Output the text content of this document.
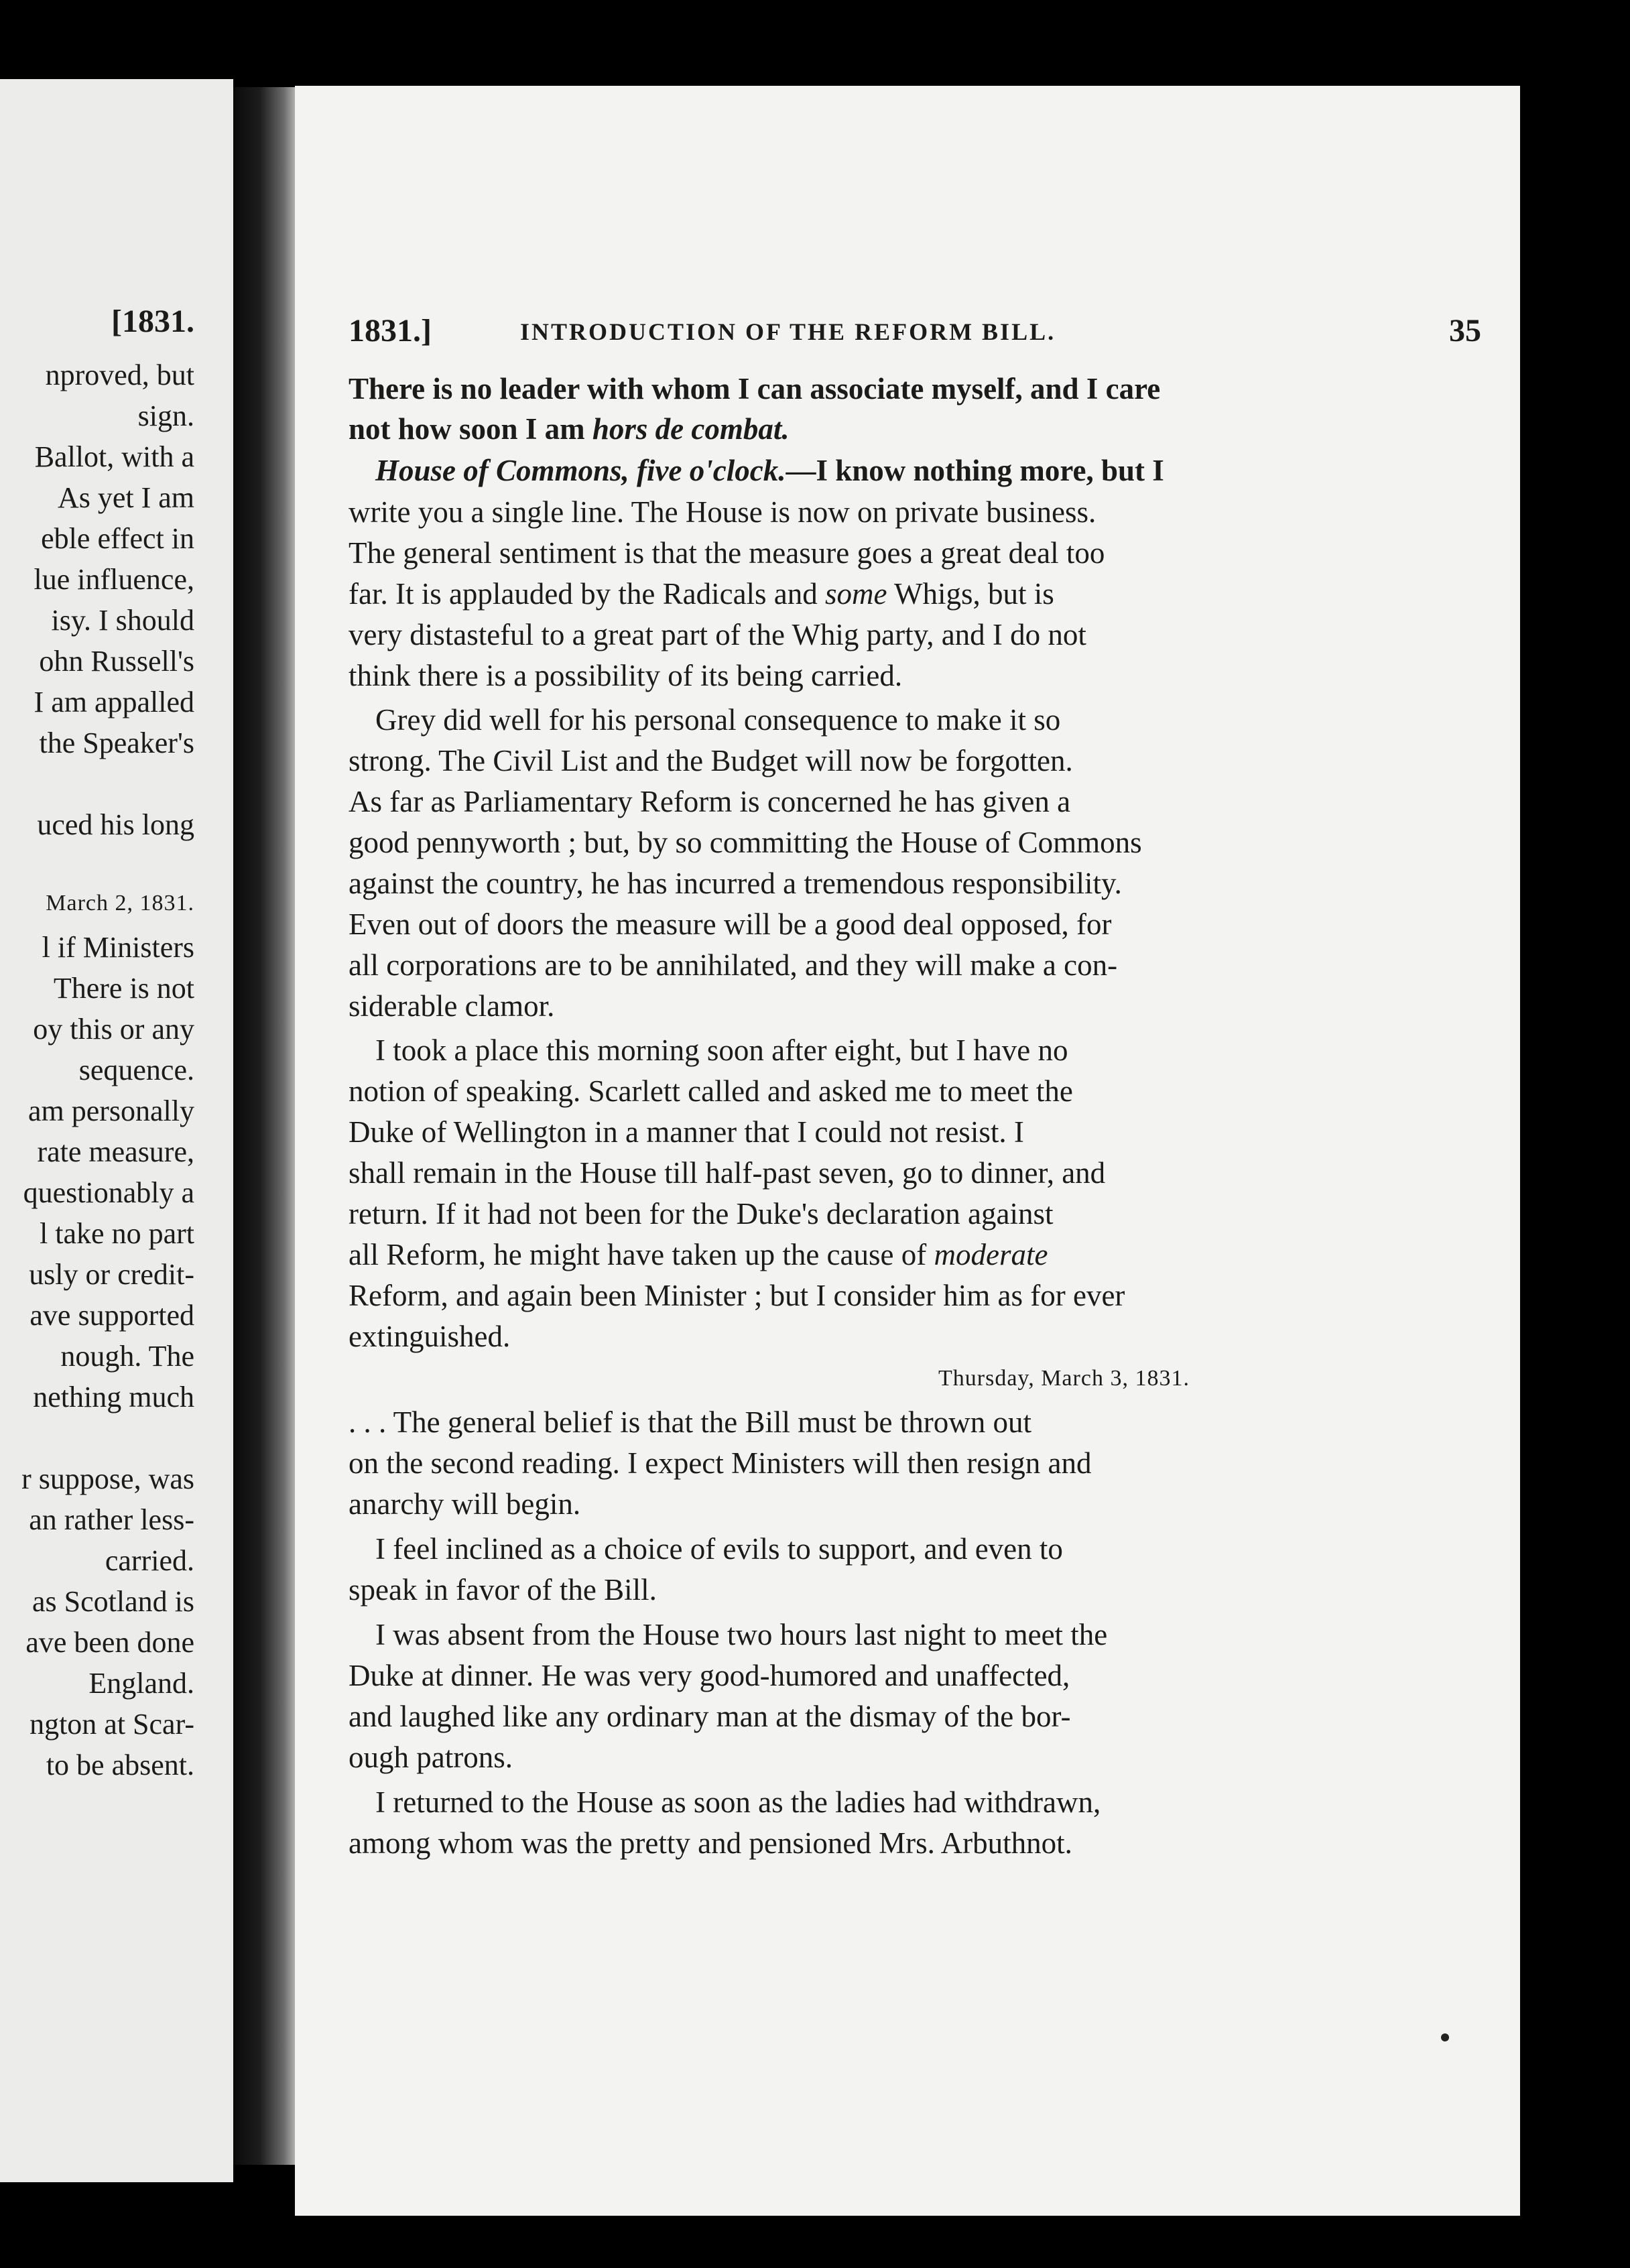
[1831.
nproved, but
sign.
Ballot, with a
As yet I am
eble effect in
lue influence,
isy. I should
ohn Russell's
I am appalled
the Speaker's
uced his long
March 2, 1831.
l if Ministers
There is not
oy this or any
sequence.
am personally
rate measure,
questionably a
l take no part
usly or credit-
ave supported
nough. The
nething much
r suppose, was
an rather less-
carried.
as Scotland is
ave been done
England.
ngton at Scar-
to be absent.
1831.]	INTRODUCTION OF THE REFORM BILL.	35
There is no leader with whom I can associate myself, and I care
not how soon I am hors de combat.
House of Commons, five o'clock.—I know nothing more, but I
write you a single line. The House is now on private business.
The general sentiment is that the measure goes a great deal too
far. It is applauded by the Radicals and some Whigs, but is
very distasteful to a great part of the Whig party, and I do not
think there is a possibility of its being carried.
Grey did well for his personal consequence to make it so
strong. The Civil List and the Budget will now be forgotten.
As far as Parliamentary Reform is concerned he has given a
good pennyworth ; but, by so committing the House of Commons
against the country, he has incurred a tremendous responsibility.
Even out of doors the measure will be a good deal opposed, for
all corporations are to be annihilated, and they will make a con-
siderable clamor.
I took a place this morning soon after eight, but I have no
notion of speaking. Scarlett called and asked me to meet the
Duke of Wellington in a manner that I could not resist. I
shall remain in the House till half-past seven, go to dinner, and
return. If it had not been for the Duke's declaration against
all Reform, he might have taken up the cause of moderate
Reform, and again been Minister ; but I consider him as for ever
extinguished.
Thursday, March 3, 1831.
. . . The general belief is that the Bill must be thrown out
on the second reading. I expect Ministers will then resign and
anarchy will begin.
I feel inclined as a choice of evils to support, and even to
speak in favor of the Bill.
I was absent from the House two hours last night to meet the
Duke at dinner. He was very good-humored and unaffected,
and laughed like any ordinary man at the dismay of the bor-
ough patrons.
I returned to the House as soon as the ladies had withdrawn,
among whom was the pretty and pensioned Mrs. Arbuthnot.
